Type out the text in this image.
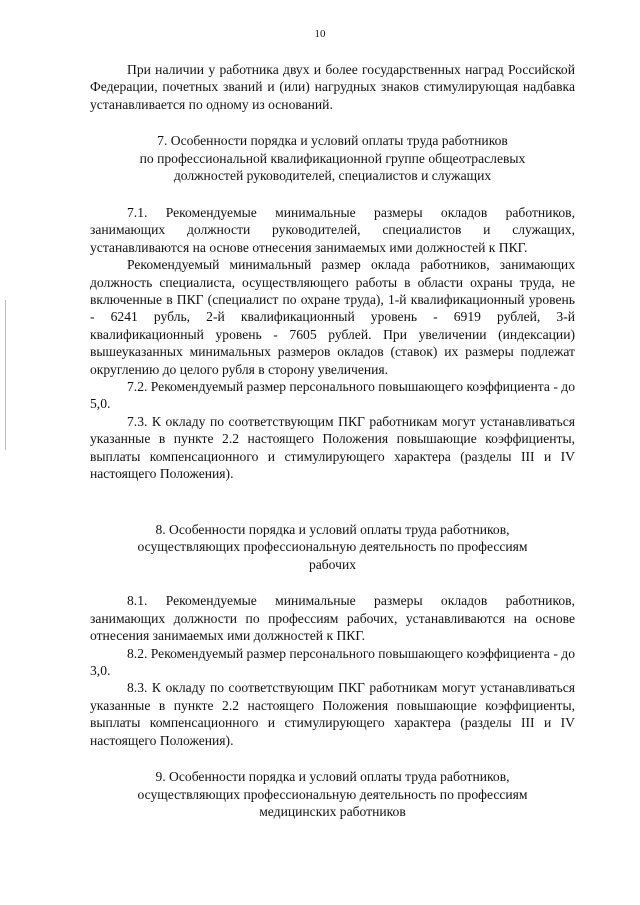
10

При наличии у работника двух и более государственных наград Российской Федерации, почетных званий и (или) нагрудных знаков стимулирующая надбавка устанавливается по одному из оснований.

7. Особенности порядка и условий оплаты труда работников
по профессиональной квалификационной группе общеотраслевых
должностей руководителей, специалистов и служащих

7.1. Рекомендуемые минимальные размеры окладов работников, занимающих должности руководителей, специалистов и служащих, устанавливаются на основе отнесения занимаемых ими должностей к ПКГ.

Рекомендуемый минимальный размер оклада работников, занимающих должность специалиста, осуществляющего работы в области охраны труда, не включенные в ПКГ (специалист по охране труда), 1-й квалификационный уровень - 6241 рубль, 2-й квалификационный уровень - 6919 рублей, 3-й квалификационный уровень - 7605 рублей. При увеличении (индексации) вышеуказанных минимальных размеров окладов (ставок) их размеры подлежат округлению до целого рубля в сторону увеличения.

7.2. Рекомендуемый размер персонального повышающего коэффициента - до 5,0.

7.3. К окладу по соответствующим ПКГ работникам могут устанавливаться указанные в пункте 2.2 настоящего Положения повышающие коэффициенты, выплаты компенсационного и стимулирующего характера (разделы III и IV настоящего Положения).

8. Особенности порядка и условий оплаты труда работников,
осуществляющих профессиональную деятельность по профессиям
рабочих

8.1. Рекомендуемые минимальные размеры окладов работников, занимающих должности по профессиям рабочих, устанавливаются на основе отнесения занимаемых ими должностей к ПКГ.

8.2. Рекомендуемый размер персонального повышающего коэффициента - до 3,0.

8.3. К окладу по соответствующим ПКГ работникам могут устанавливаться указанные в пункте 2.2 настоящего Положения повышающие коэффициенты, выплаты компенсационного и стимулирующего характера (разделы III и IV настоящего Положения).

9. Особенности порядка и условий оплаты труда работников,
осуществляющих профессиональную деятельность по профессиям
медицинских работников
